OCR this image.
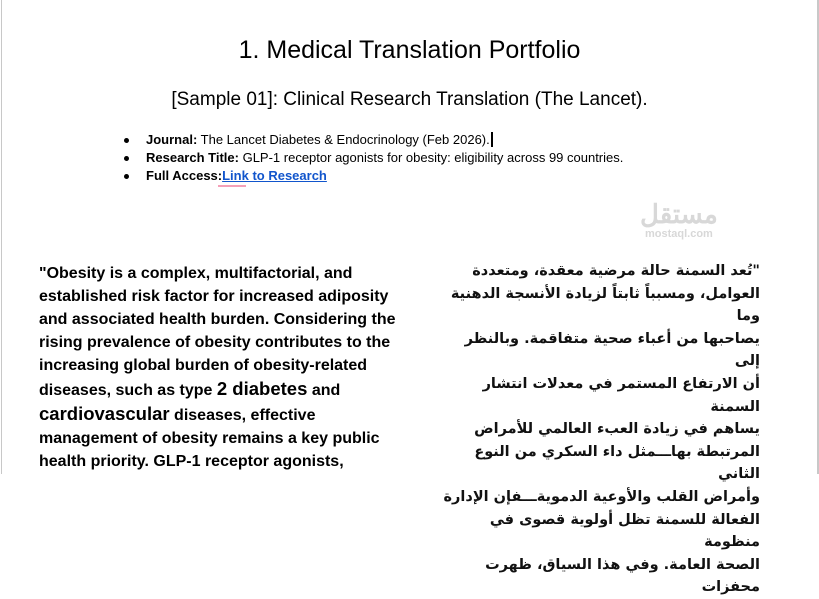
1. Medical Translation Portfolio
[Sample 01]: Clinical Research Translation (The Lancet).
Journal: The Lancet Diabetes & Endocrinology (Feb 2026).
Research Title: GLP-1 receptor agonists for obesity: eligibility across 99 countries.
Full Access:Link to Research
"Obesity is a complex, multifactorial, and
established risk factor for increased adiposity
and associated health burden. Considering the
rising prevalence of obesity contributes to the
increasing global burden of obesity-related
diseases, such as type 2 diabetes and
cardiovascular diseases, effective
management of obesity remains a key public
health priority. GLP-1 receptor agonists,
"تُعد السمنة حالة مرضية معقدة، ومتعددة
العوامل، ومسبباً ثابتاً لزيادة الأنسجة الدهنية وما
يصاحبها من أعباء صحية متفاقمة. وبالنظر إلى
أن الارتفاع المستمر في معدلات انتشار السمنة
يساهم في زيادة العبء العالمي للأمراض
المرتبطة بهاـــمثل داء السكري من النوع الثاني
وأمراض القلب والأوعية الدمويةـــفإن الإدارة
الفعالة للسمنة تظل أولوية قصوى في منظومة
الصحة العامة. وفي هذا السياق، ظهرت محفزات
مستقل
mostaql.com
